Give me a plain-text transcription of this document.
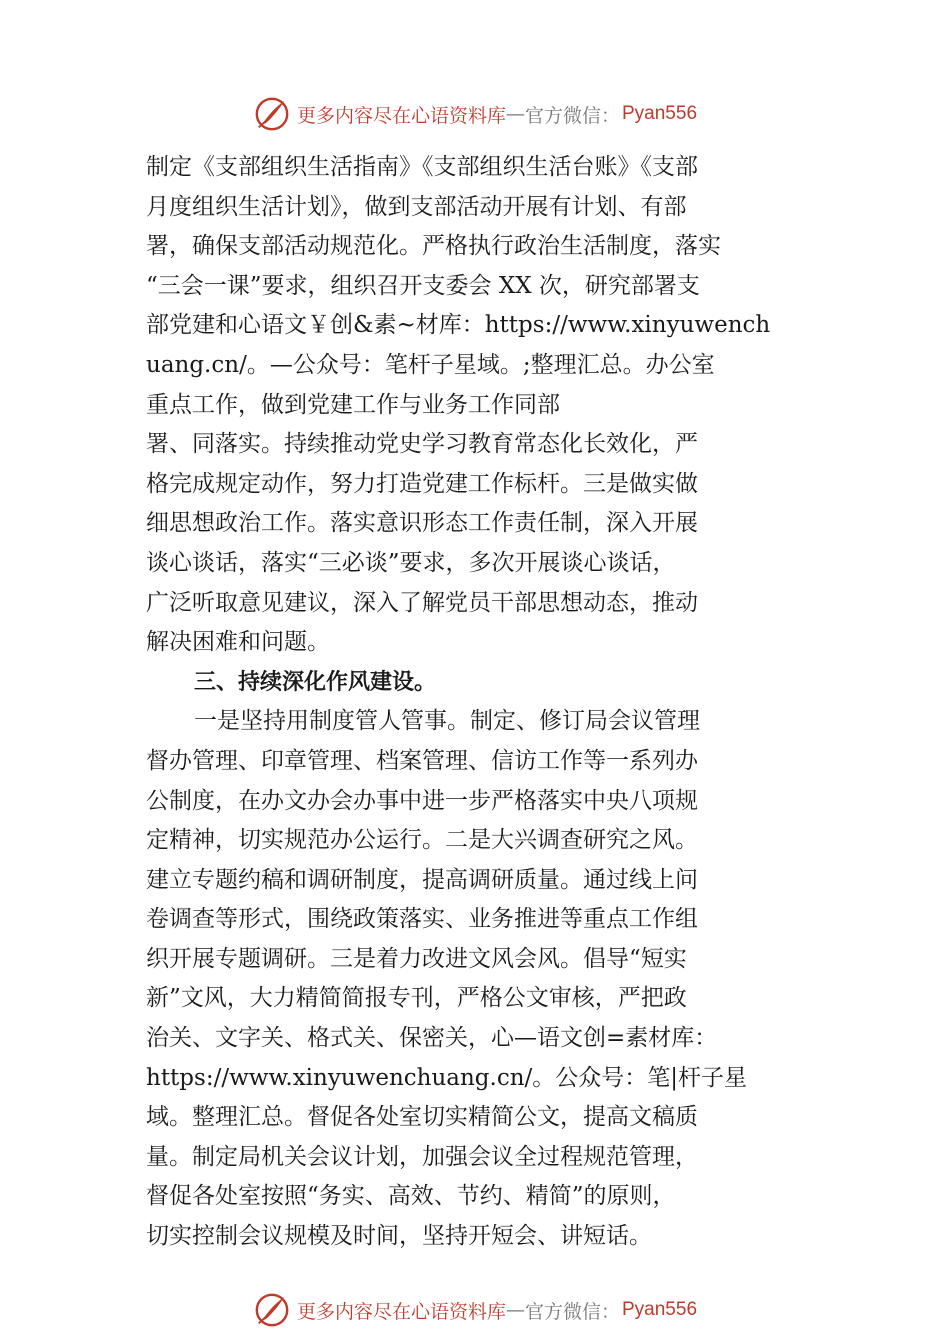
更多内容尽在心语资料库 — 官方微信： Pyan556
制定《支部组织生活指南》《支部组织生活台账》《支部
月度组织生活计划》，做到支部活动开展有计划、有部
署，确保支部活动规范化。严格执行政治生活制度，落实
“三会一课”要求，组织召开支委会 XX 次，研究部署支
部党建和心语文￥创&素~材库：https://www.xinyuwench
uang.cn/。—公众号：笔杆子星域。;整理汇总。办公室
重点工作，做到党建工作与业务工作同部
署、同落实。持续推动党史学习教育常态化长效化，严
格完成规定动作，努力打造党建工作标杆。三是做实做
细思想政治工作。落实意识形态工作责任制，深入开展
谈心谈话，落实“三必谈”要求，多次开展谈心谈话，
广泛听取意见建议，深入了解党员干部思想动态，推动
解决困难和问题。
三、持续深化作风建设。
一是坚持用制度管人管事。制定、修订局会议管理
督办管理、印章管理、档案管理、信访工作等一系列办
公制度，在办文办会办事中进一步严格落实中央八项规
定精神，切实规范办公运行。二是大兴调查研究之风。
建立专题约稿和调研制度，提高调研质量。通过线上问
卷调查等形式，围绕政策落实、业务推进等重点工作组
织开展专题调研。三是着力改进文风会风。倡导“短实
新”文风，大力精简简报专刊，严格公文审核，严把政
治关、文字关、格式关、保密关，心—语文创=素材库：
https://www.xinyuwenchuang.cn/。公众号：笔|杆子星
域。整理汇总。督促各处室切实精简公文，提高文稿质
量。制定局机关会议计划，加强会议全过程规范管理，
督促各处室按照“务实、高效、节约、精简”的原则，
切实控制会议规模及时间，坚持开短会、讲短话。
更多内容尽在心语资料库 — 官方微信： Pyan556
